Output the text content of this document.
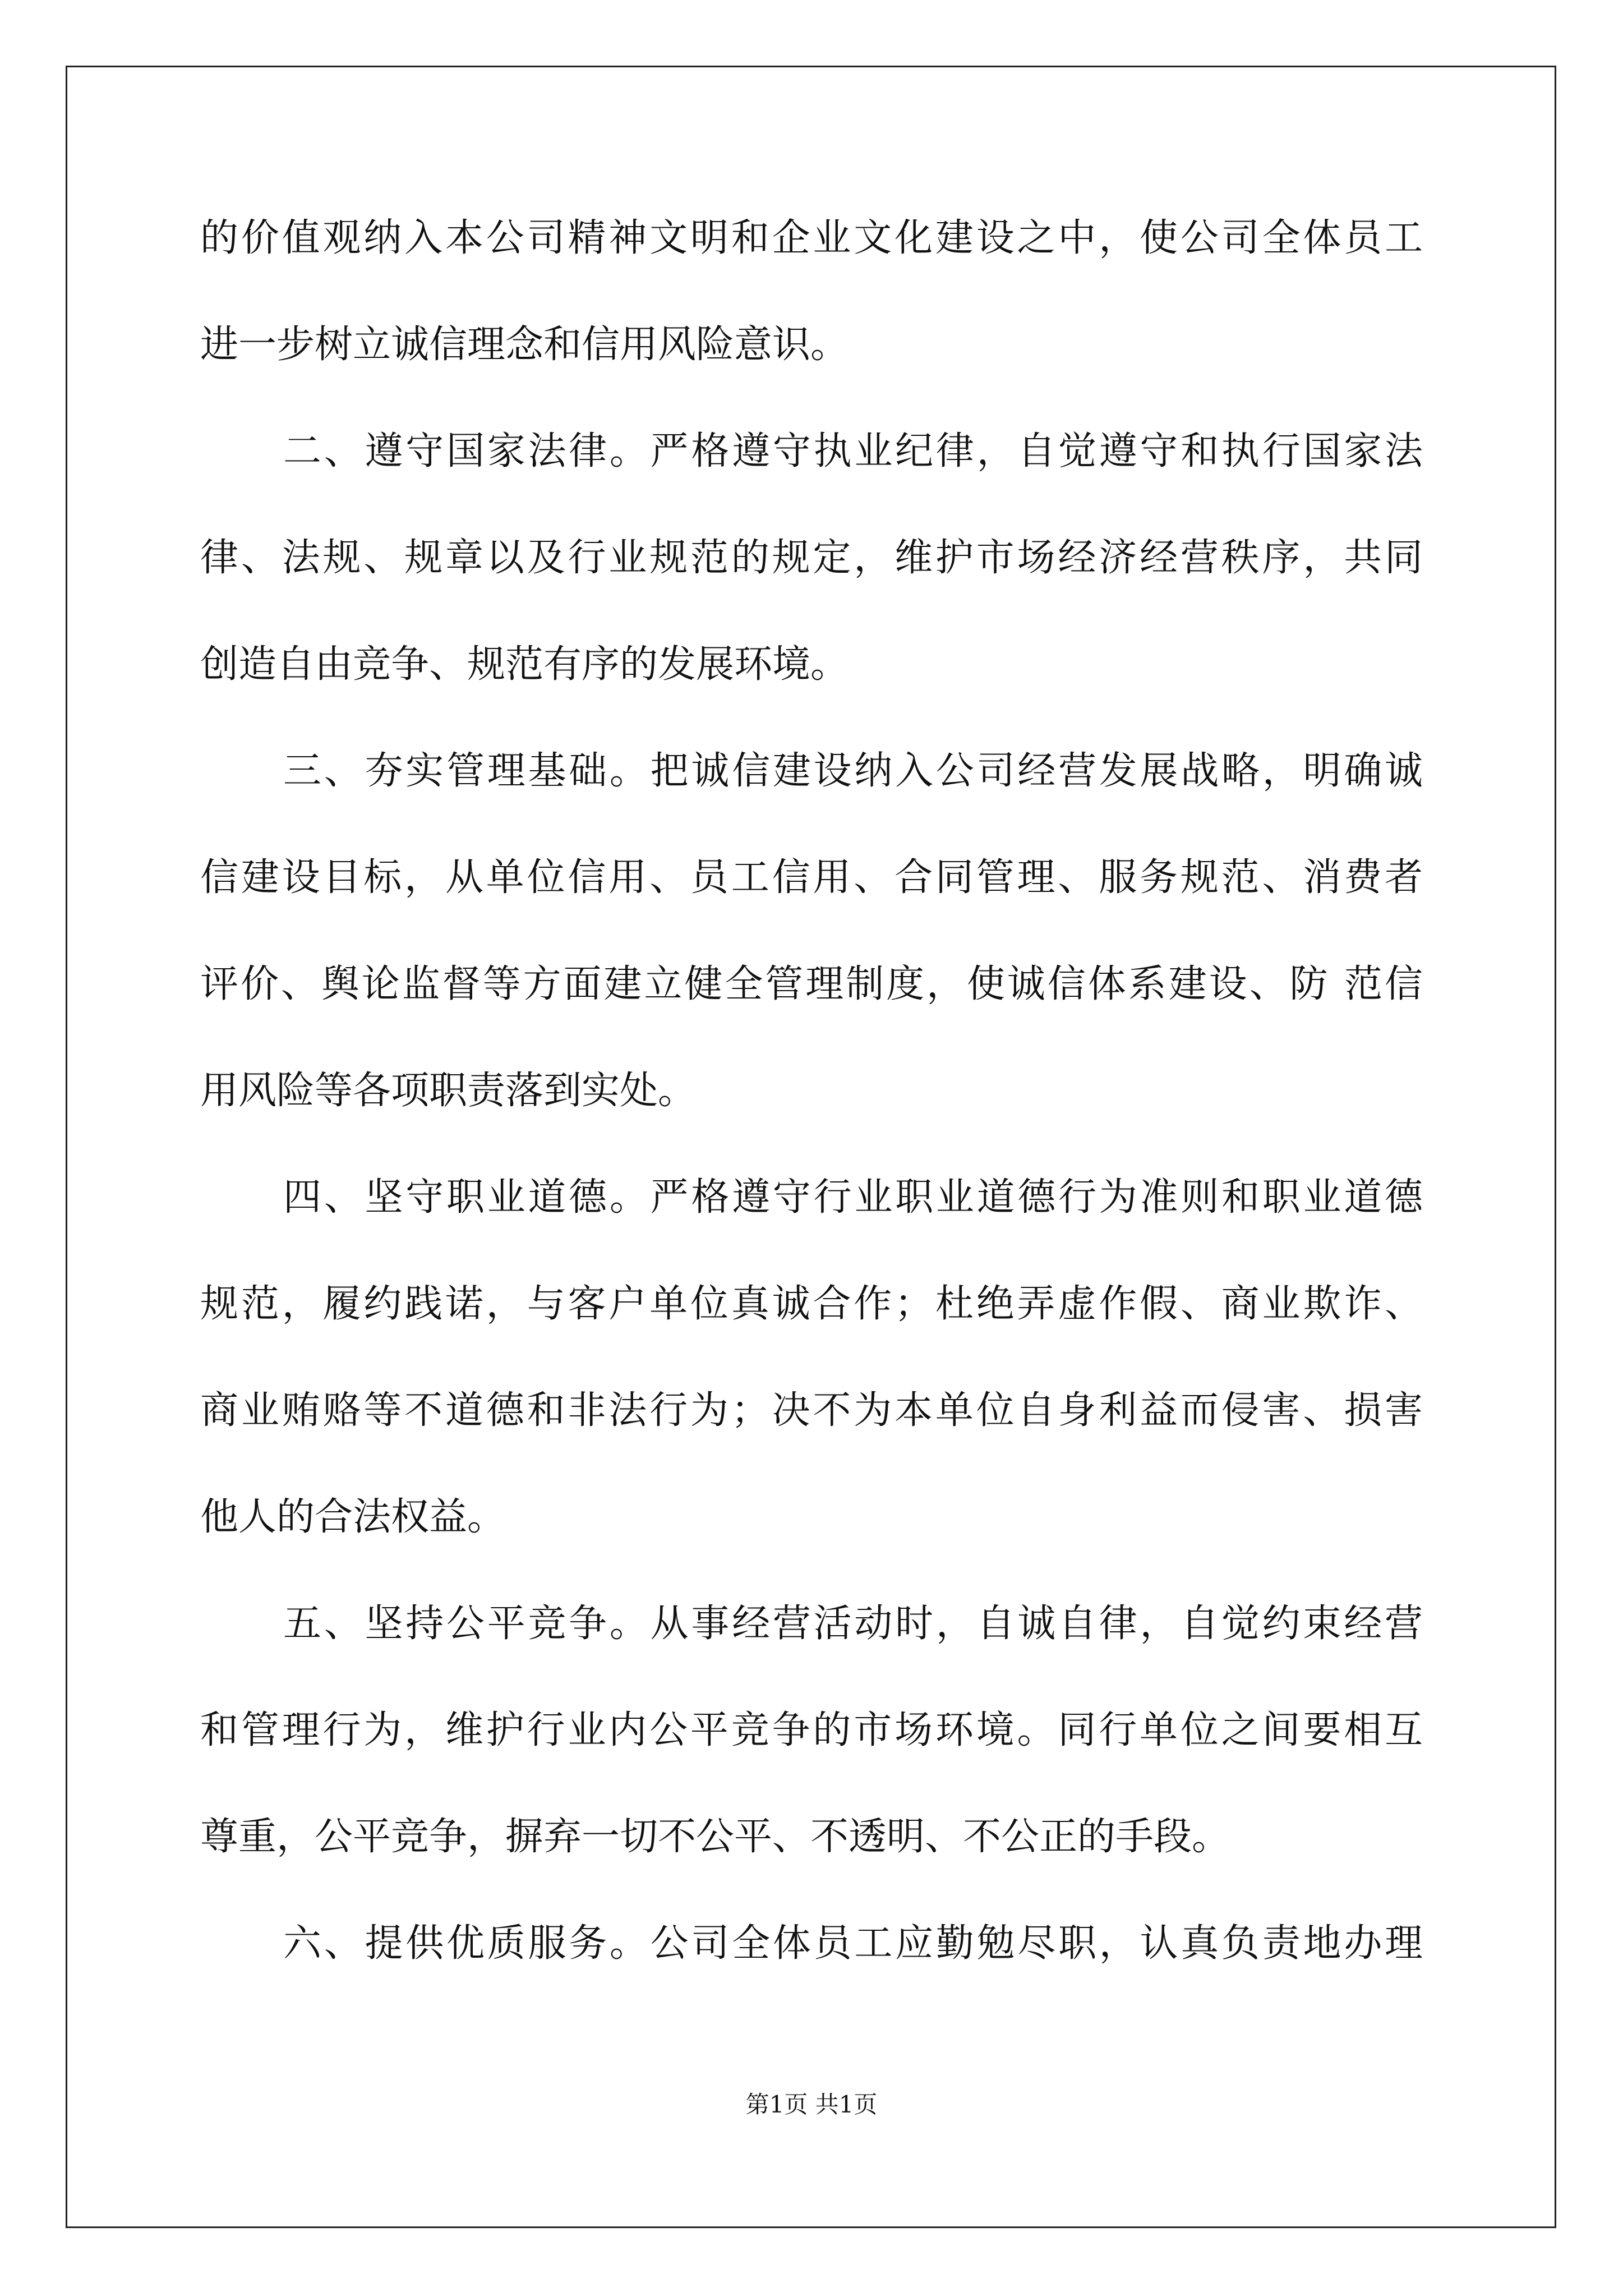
的价值观纳入本公司精神文明和企业文化建设之中，使公司全体员工
进一步树立诚信理念和信用风险意识。
二、遵守国家法律。严格遵守执业纪律，自觉遵守和执行国家法
律、法规、规章以及行业规范的规定，维护市场经济经营秩序，共同
创造自由竞争、规范有序的发展环境。
三、夯实管理基础。把诚信建设纳入公司经营发展战略，明确诚
信建设目标，从单位信用、员工信用、合同管理、服务规范、消费者
评价、舆论监督等方面建立健全管理制度，使诚信体系建设、防 范信
用风险等各项职责落到实处。
四、坚守职业道德。严格遵守行业职业道德行为准则和职业道德
规范，履约践诺，与客户单位真诚合作；杜绝弄虚作假、商业欺诈、
商业贿赂等不道德和非法行为；决不为本单位自身利益而侵害、损害
他人的合法权益。
五、坚持公平竞争。从事经营活动时，自诚自律，自觉约束经营
和管理行为，维护行业内公平竞争的市场环境。同行单位之间要相互
尊重，公平竞争，摒弃一切不公平、不透明、不公正的手段。
六、提供优质服务。公司全体员工应勤勉尽职，认真负责地办理
第1页 共1页
